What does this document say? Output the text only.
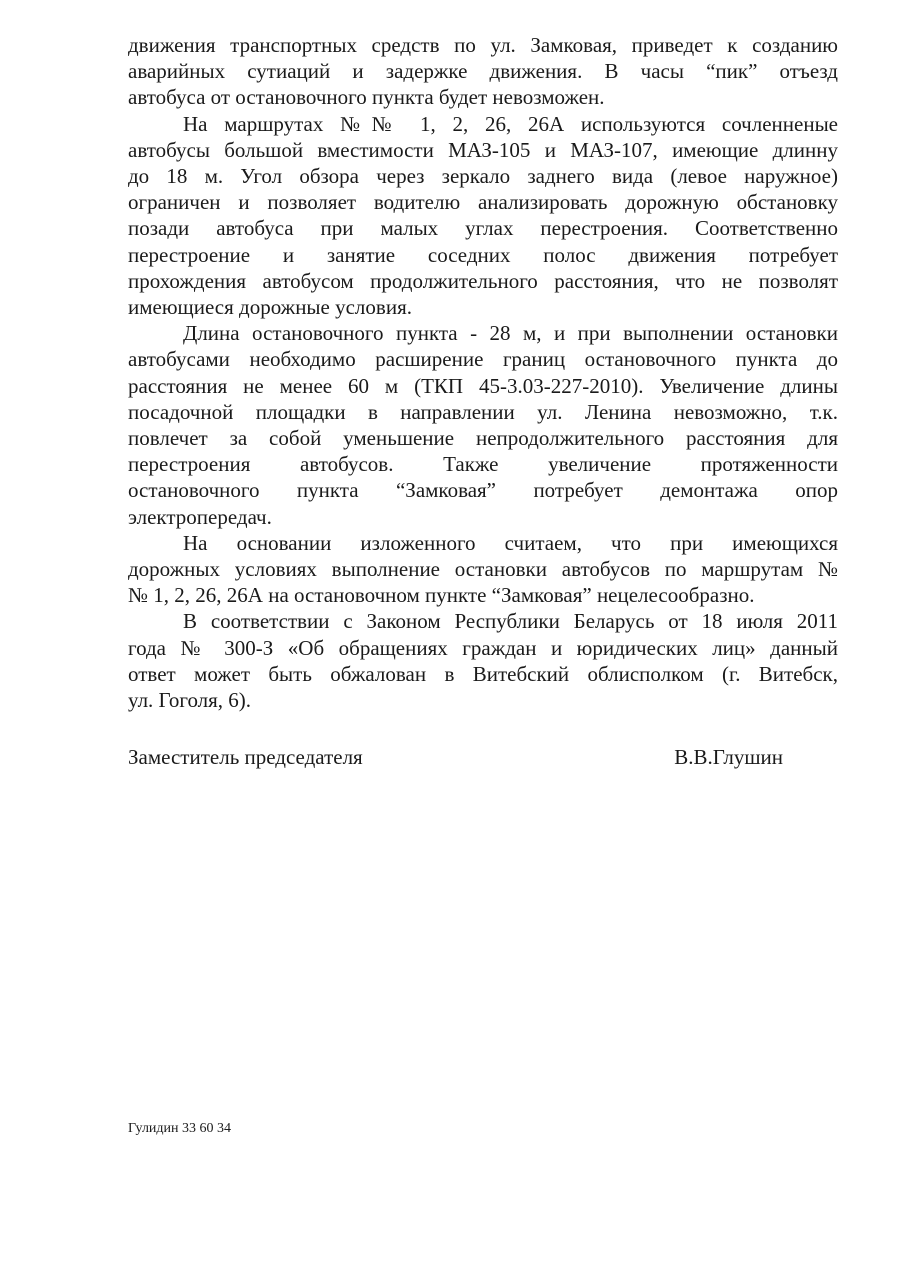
движения транспортных средств по ул. Замковая, приведет к созданию
аварийных сутиаций и задержке движения. В часы “пик” отъезд
автобуса от остановочного пункта будет невозможен.
На маршрутах №№ 1, 2, 26, 26А используются сочленненые
автобусы большой вместимости МАЗ-105 и МАЗ-107, имеющие длинну
до 18 м. Угол обзора через зеркало заднего вида (левое наружное)
ограничен и позволяет водителю анализировать дорожную обстановку
позади автобуса при малых углах перестроения. Соответственно
перестроение и занятие соседних полос движения потребует
прохождения автобусом продолжительного расстояния, что не позволят
имеющиеся дорожные условия.
Длина остановочного пункта - 28 м, и при выполнении остановки
автобусами необходимо расширение границ остановочного пункта до
расстояния не менее 60 м (ТКП 45-3.03-227-2010). Увеличение длины
посадочной площадки в направлении ул. Ленина невозможно, т.к.
повлечет за собой уменьшение непродолжительного расстояния для
перестроения автобусов. Также увеличение протяженности
остановочного пункта “Замковая” потребует демонтажа опор
электропередач.
На основании изложенного считаем, что при имеющихся
дорожных условиях выполнение остановки автобусов по маршрутам №
№ 1, 2, 26, 26А на остановочном пункте “Замковая” нецелесообразно.
В соответствии с Законом Республики Беларусь от 18 июля 2011
года № 300-З «Об обращениях граждан и юридических лиц» данный
ответ может быть обжалован в Витебский облисполком (г. Витебск,
ул. Гоголя, 6).
Заместитель председателя	В.В.Глушин
Гулидин 33 60 34
